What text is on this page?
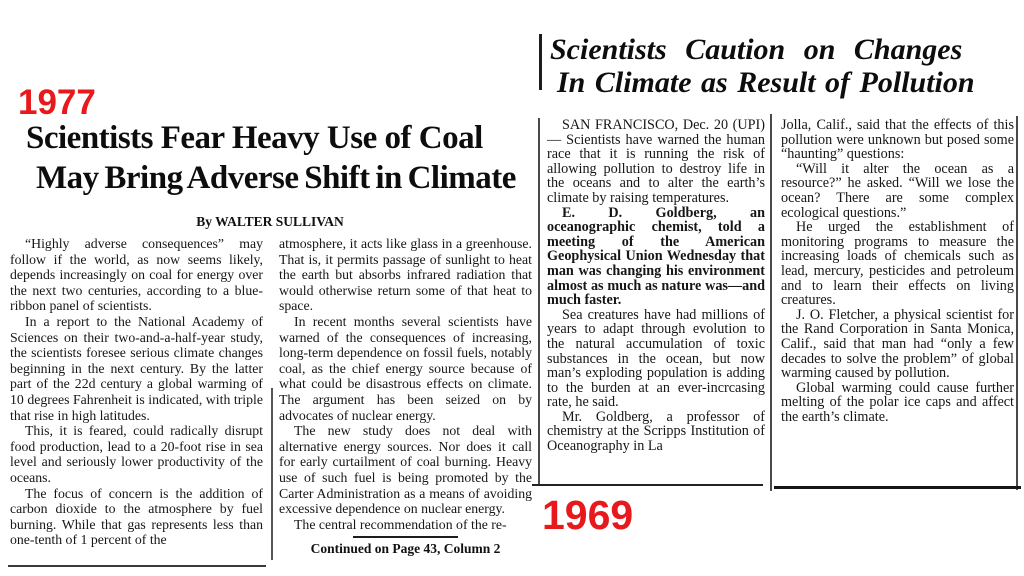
1977
Scientists Fear Heavy Use of Coal
May Bring Adverse Shift in Climate
By WALTER SULLIVAN

“Highly adverse consequences” may follow if the world, as now seems likely, depends increasingly on coal for energy over the next two centuries, according to a blue-ribbon panel of scientists.

In a report to the National Academy of Sciences on their two-and-a-half-year study, the scientists foresee serious climate changes beginning in the next century. By the latter part of the 22d century a global warming of 10 degrees Fahrenheit is indicated, with triple that rise in high latitudes.

This, it is feared, could radically disrupt food production, lead to a 20-foot rise in sea level and seriously lower productivity of the oceans.

The focus of concern is the addition of carbon dioxide to the atmosphere by fuel burning. While that gas represents less than one-tenth of 1 percent of the

atmosphere, it acts like glass in a greenhouse. That is, it permits passage of sunlight to heat the earth but absorbs infrared radiation that would otherwise return some of that heat to space.

In recent months several scientists have warned of the consequences of increasing, long-term dependence on fossil fuels, notably coal, as the chief energy source because of what could be disastrous effects on climate. The argument has been seized on by advocates of nuclear energy.

The new study does not deal with alternative energy sources. Nor does it call for early curtailment of coal burning. Heavy use of such fuel is being promoted by the Carter Administration as a means of avoiding excessive dependence on nuclear energy.

The central recommendation of the re-

Continued on Page 43, Column 2
Scientists Caution on Changes
In Climate as Result of Pollution

SAN FRANCISCO, Dec. 20 (UPI) — Scientists have warned the human race that it is running the risk of allowing pollution to destroy life in the oceans and to alter the earth’s climate by raising temperatures.

E. D. Goldberg, an oceanographic chemist, told a meeting of the American Geophysical Union Wednesday that man was changing his environment almost as much as nature was—and much faster.

Sea creatures have had millions of years to adapt through evolution to the natural accumulation of toxic substances in the ocean, but now man’s exploding population is adding to the burden at an ever-incrcasing rate, he said.

Mr. Goldberg, a professor of chemistry at the Scripps Institution of Oceanography in La

Jolla, Calif., said that the effects of this pollution were unknown but posed some “haunting” questions:

“Will it alter the ocean as a resource?” he asked. “Will we lose the ocean? There are some complex ecological questions.”

He urged the establishment of monitoring programs to measure the increasing loads of chemicals such as lead, mercury, pesticides and petroleum and to learn their effects on living creatures.

J. O. Fletcher, a physical scientist for the Rand Corporation in Santa Monica, Calif., said that man had “only a few decades to solve the problem” of global warming caused by pollution.

Global warming could cause further melting of the polar ice caps and affect the earth’s climate.

1969
